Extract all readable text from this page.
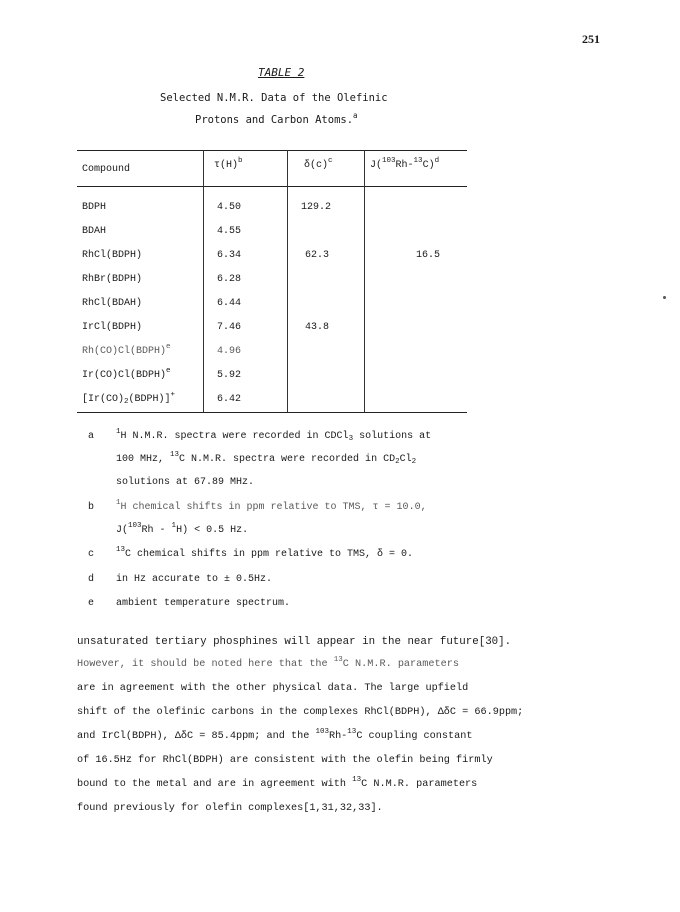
251
TABLE 2
Selected N.M.R. Data of the Olefinic
Protons and Carbon Atoms.$^a$
Compound	$\tau(H)^b$	$\delta(c)^c$	$J(^{103}Rh-^{13}C)^d$
BDPH	4.50	129.2
BDAH	4.55
RhCl(BDPH)	6.34	62.3	16.5
RhBr(BDPH)	6.28
RhCl(BDAH)	6.44
IrCl(BDPH)	7.46	43.8
Rh(CO)Cl(BDPH)$^e$	4.96
Ir(CO)Cl(BDPH)$^e$	5.92
$[Ir(CO)_2(BDPH)]^+$	6.42
a	$^1$H N.M.R. spectra were recorded in CDCl$_3$ solutions at
100 MHz, $^{13}$C N.M.R. spectra were recorded in $CD_2Cl_2$
solutions at 67.89 MHz.
b	$^1$H chemical shifts in ppm relative to TMS, τ = 10.0,
J($^{103}$Rh - $^1$H) < 0.5 Hz.
c	$^{13}$C chemical shifts in ppm relative to TMS, δ = 0.
d in Hz accurate to ± 0.5Hz.
e ambient temperature spectrum.
unsaturated tertiary phosphines will appear in the near future[30].
However, it should be noted here that the $^{13}$C N.M.R. parameters
are in agreement with the other physical data. The large upfield
shift of the olefinic carbons in the complexes RhCl(BDPH), ΔδC = 66.9ppm;
and IrCl(BDPH), ΔδC = 85.4ppm; and the $^{103}$Rh-$^{13}$C coupling constant
of 16.5Hz for RhCl(BDPH) are consistent with the olefin being firmly
bound to the metal and are in agreement with $^{13}$C N.M.R. parameters
found previously for olefin complexes[1,31,32,33].
